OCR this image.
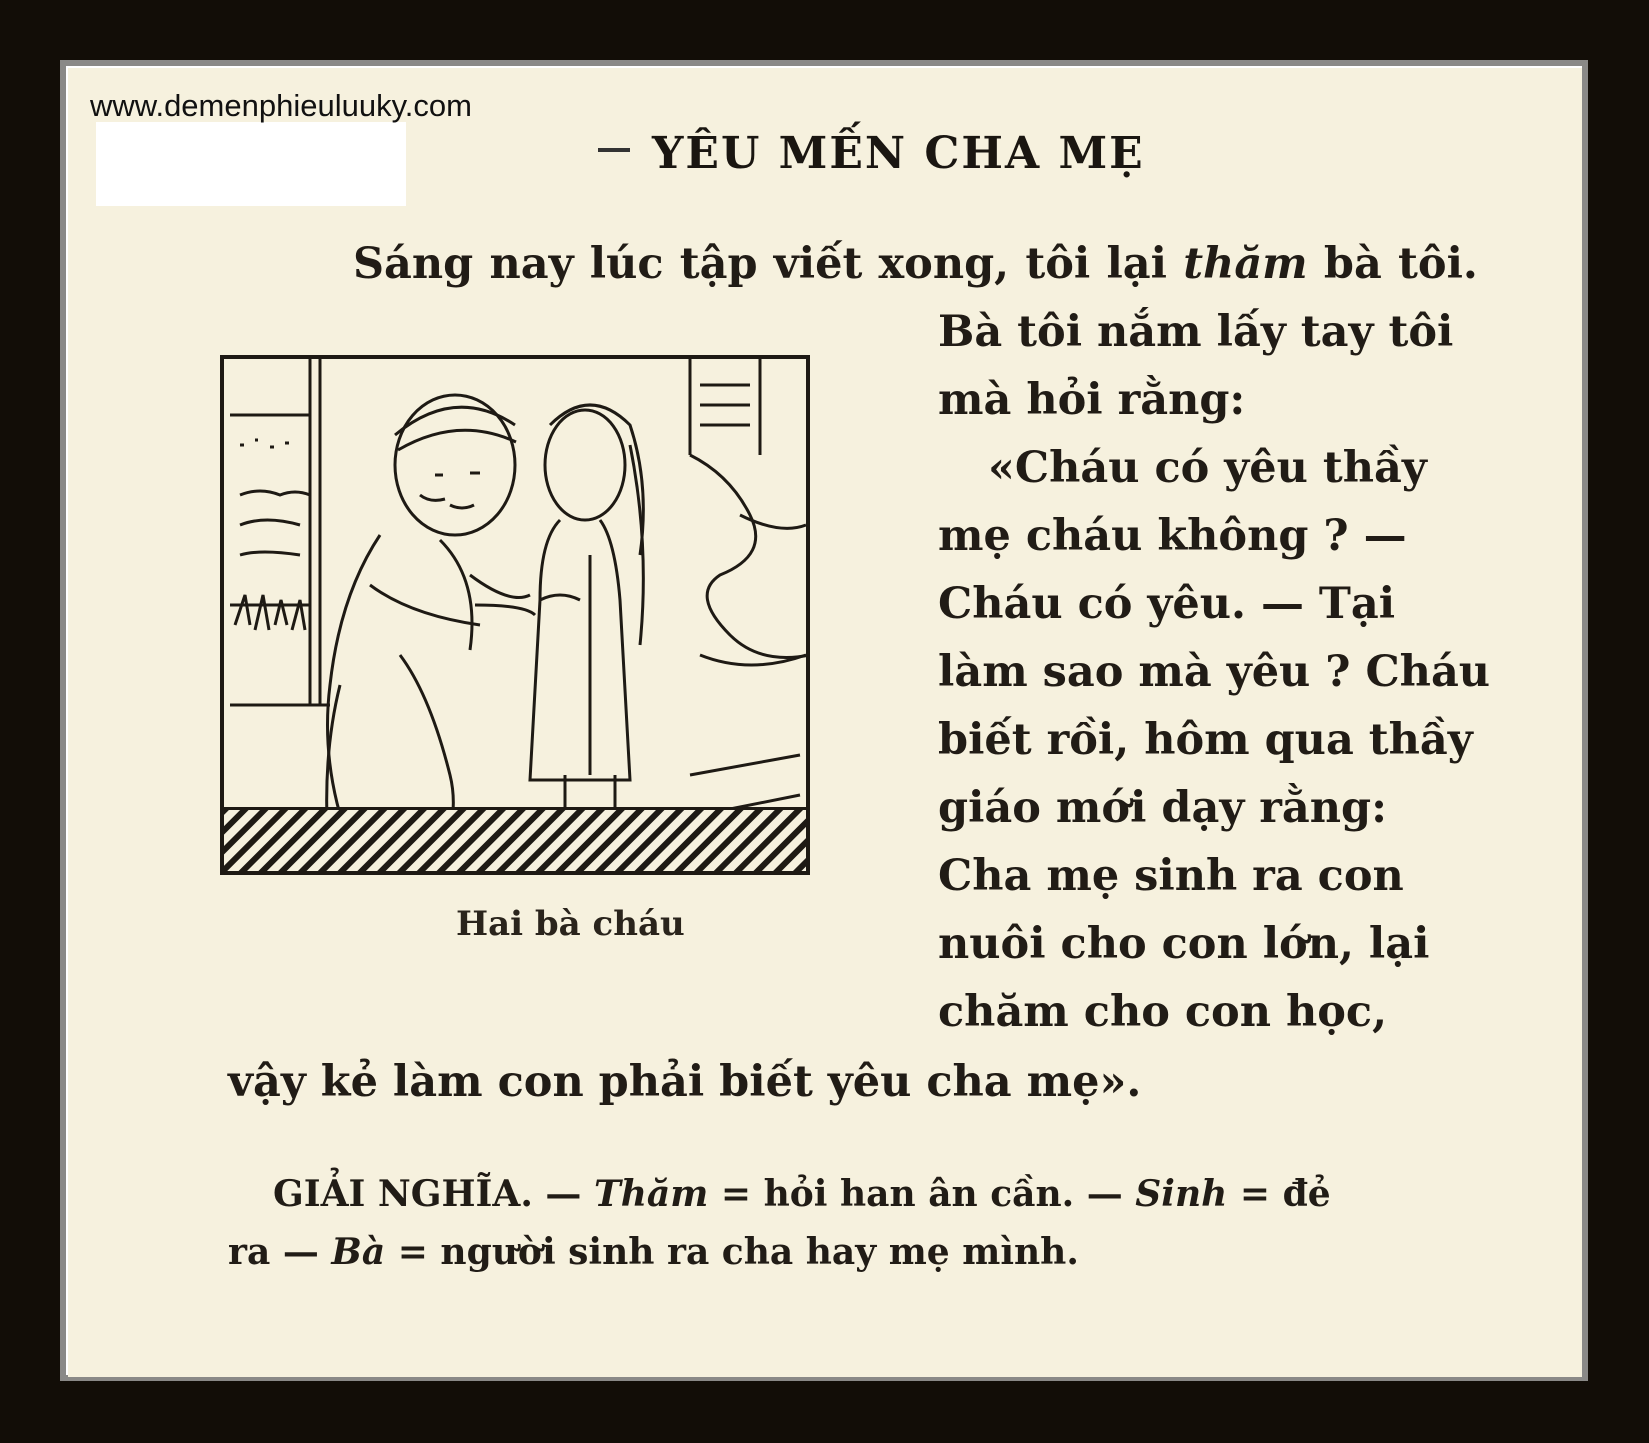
www.demenphieuluuky.com
YÊU MẾN CHA MẸ
Sáng nay lúc tập viết xong, tôi lại thăm bà tôi.
Bà tôi nắm lấy tay tôi
mà hỏi rằng:
«Cháu có yêu thầy
mẹ cháu không ? —
Cháu có yêu. — Tại
làm sao mà yêu ? Cháu
biết rồi, hôm qua thầy
giáo mới dạy rằng:
Cha mẹ sinh ra con
nuôi cho con lớn, lại
chăm cho con học,
vậy kẻ làm con phải biết yêu cha mẹ».
Hai bà cháu
GIẢI NGHĨA. — Thăm = hỏi han ân cần. — Sinh = đẻ
ra — Bà = người sinh ra cha hay mẹ mình.
